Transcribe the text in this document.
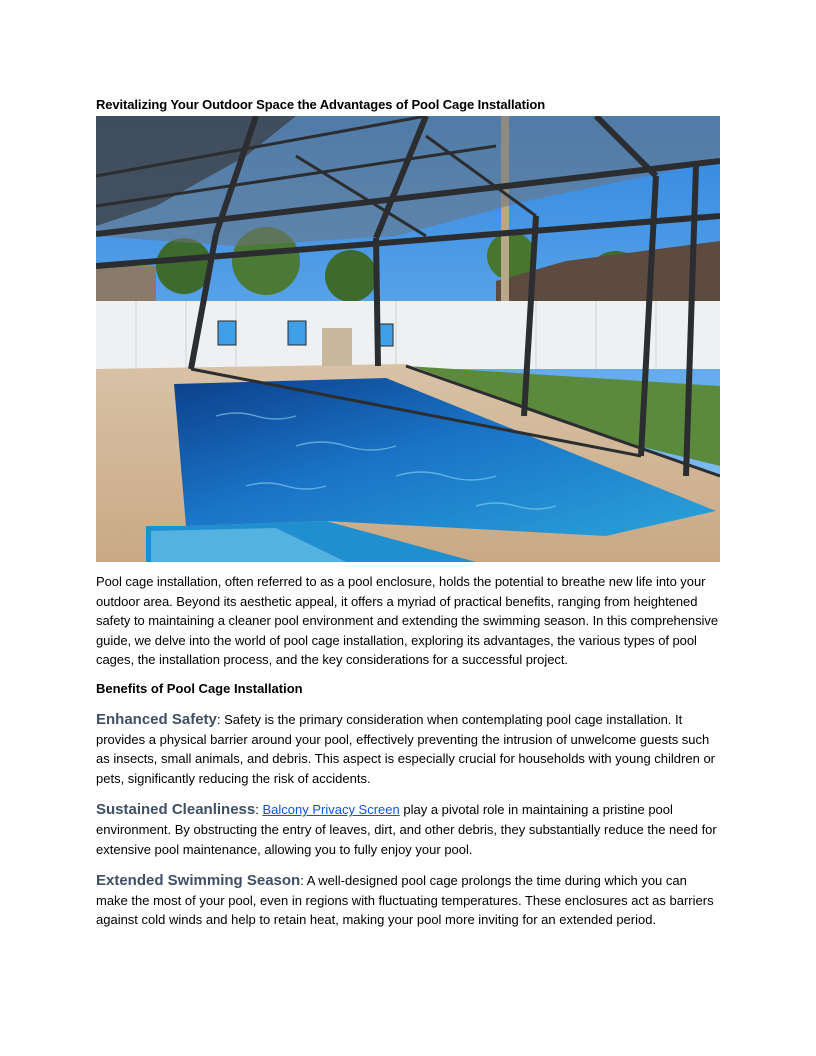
Revitalizing Your Outdoor Space the Advantages of Pool Cage Installation

Pool cage installation, often referred to as a pool enclosure, holds the potential to breathe new life into your outdoor area. Beyond its aesthetic appeal, it offers a myriad of practical benefits, ranging from heightened safety to maintaining a cleaner pool environment and extending the swimming season. In this comprehensive guide, we delve into the world of pool cage installation, exploring its advantages, the various types of pool cages, the installation process, and the key considerations for a successful project.

Benefits of Pool Cage Installation

Enhanced Safety: Safety is the primary consideration when contemplating pool cage installation. It provides a physical barrier around your pool, effectively preventing the intrusion of unwelcome guests such as insects, small animals, and debris. This aspect is especially crucial for households with young children or pets, significantly reducing the risk of accidents.

Sustained Cleanliness: Balcony Privacy Screen play a pivotal role in maintaining a pristine pool environment. By obstructing the entry of leaves, dirt, and other debris, they substantially reduce the need for extensive pool maintenance, allowing you to fully enjoy your pool.

Extended Swimming Season: A well-designed pool cage prolongs the time during which you can make the most of your pool, even in regions with fluctuating temperatures. These enclosures act as barriers against cold winds and help to retain heat, making your pool more inviting for an extended period.
